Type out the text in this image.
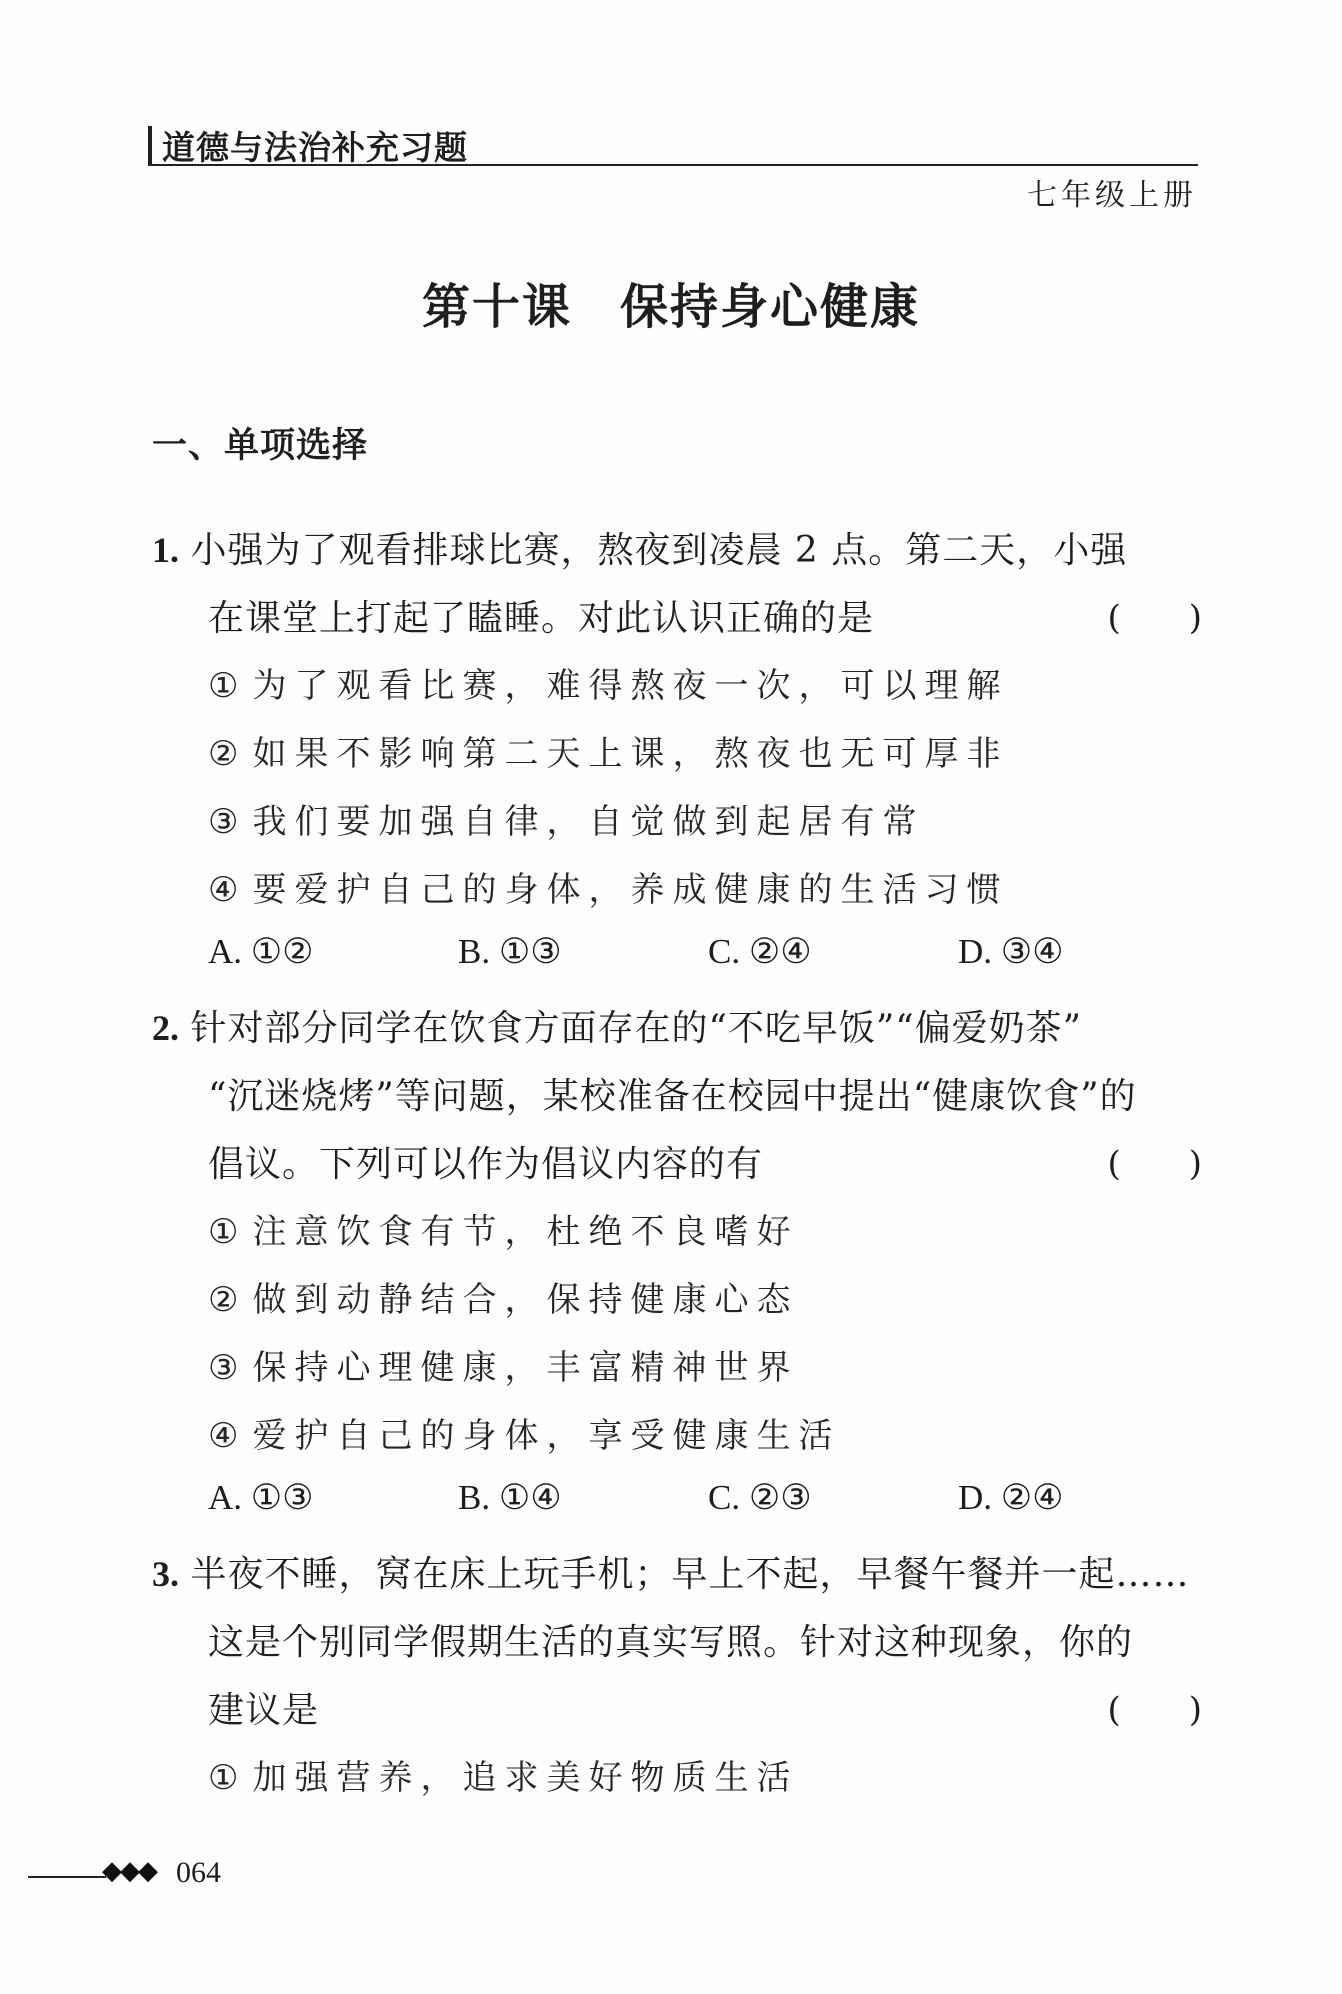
道德与法治补充习题
七年级上册
第十课 保持身心健康
一、单项选择
1. 小强为了观看排球比赛，熬夜到凌晨 2 点。第二天，小强
在课堂上打起了瞌睡。对此认识正确的是	(　　)
①为了观看比赛，难得熬夜一次，可以理解
②如果不影响第二天上课，熬夜也无可厚非
③我们要加强自律，自觉做到起居有常
④要爱护自己的身体，养成健康的生活习惯
A. ①②	B. ①③	C. ②④	D. ③④
2. 针对部分同学在饮食方面存在的“不吃早饭”“偏爱奶茶”
“沉迷烧烤”等问题，某校准备在校园中提出“健康饮食”的
倡议。下列可以作为倡议内容的有	(　　)
①注意饮食有节，杜绝不良嗜好
②做到动静结合，保持健康心态
③保持心理健康，丰富精神世界
④爱护自己的身体，享受健康生活
A. ①③	B. ①④	C. ②③	D. ②④
3. 半夜不睡，窝在床上玩手机；早上不起，早餐午餐并一起……
这是个别同学假期生活的真实写照。针对这种现象，你的
建议是	(　　)
①加强营养，追求美好物质生活
◆◆◆ 064
